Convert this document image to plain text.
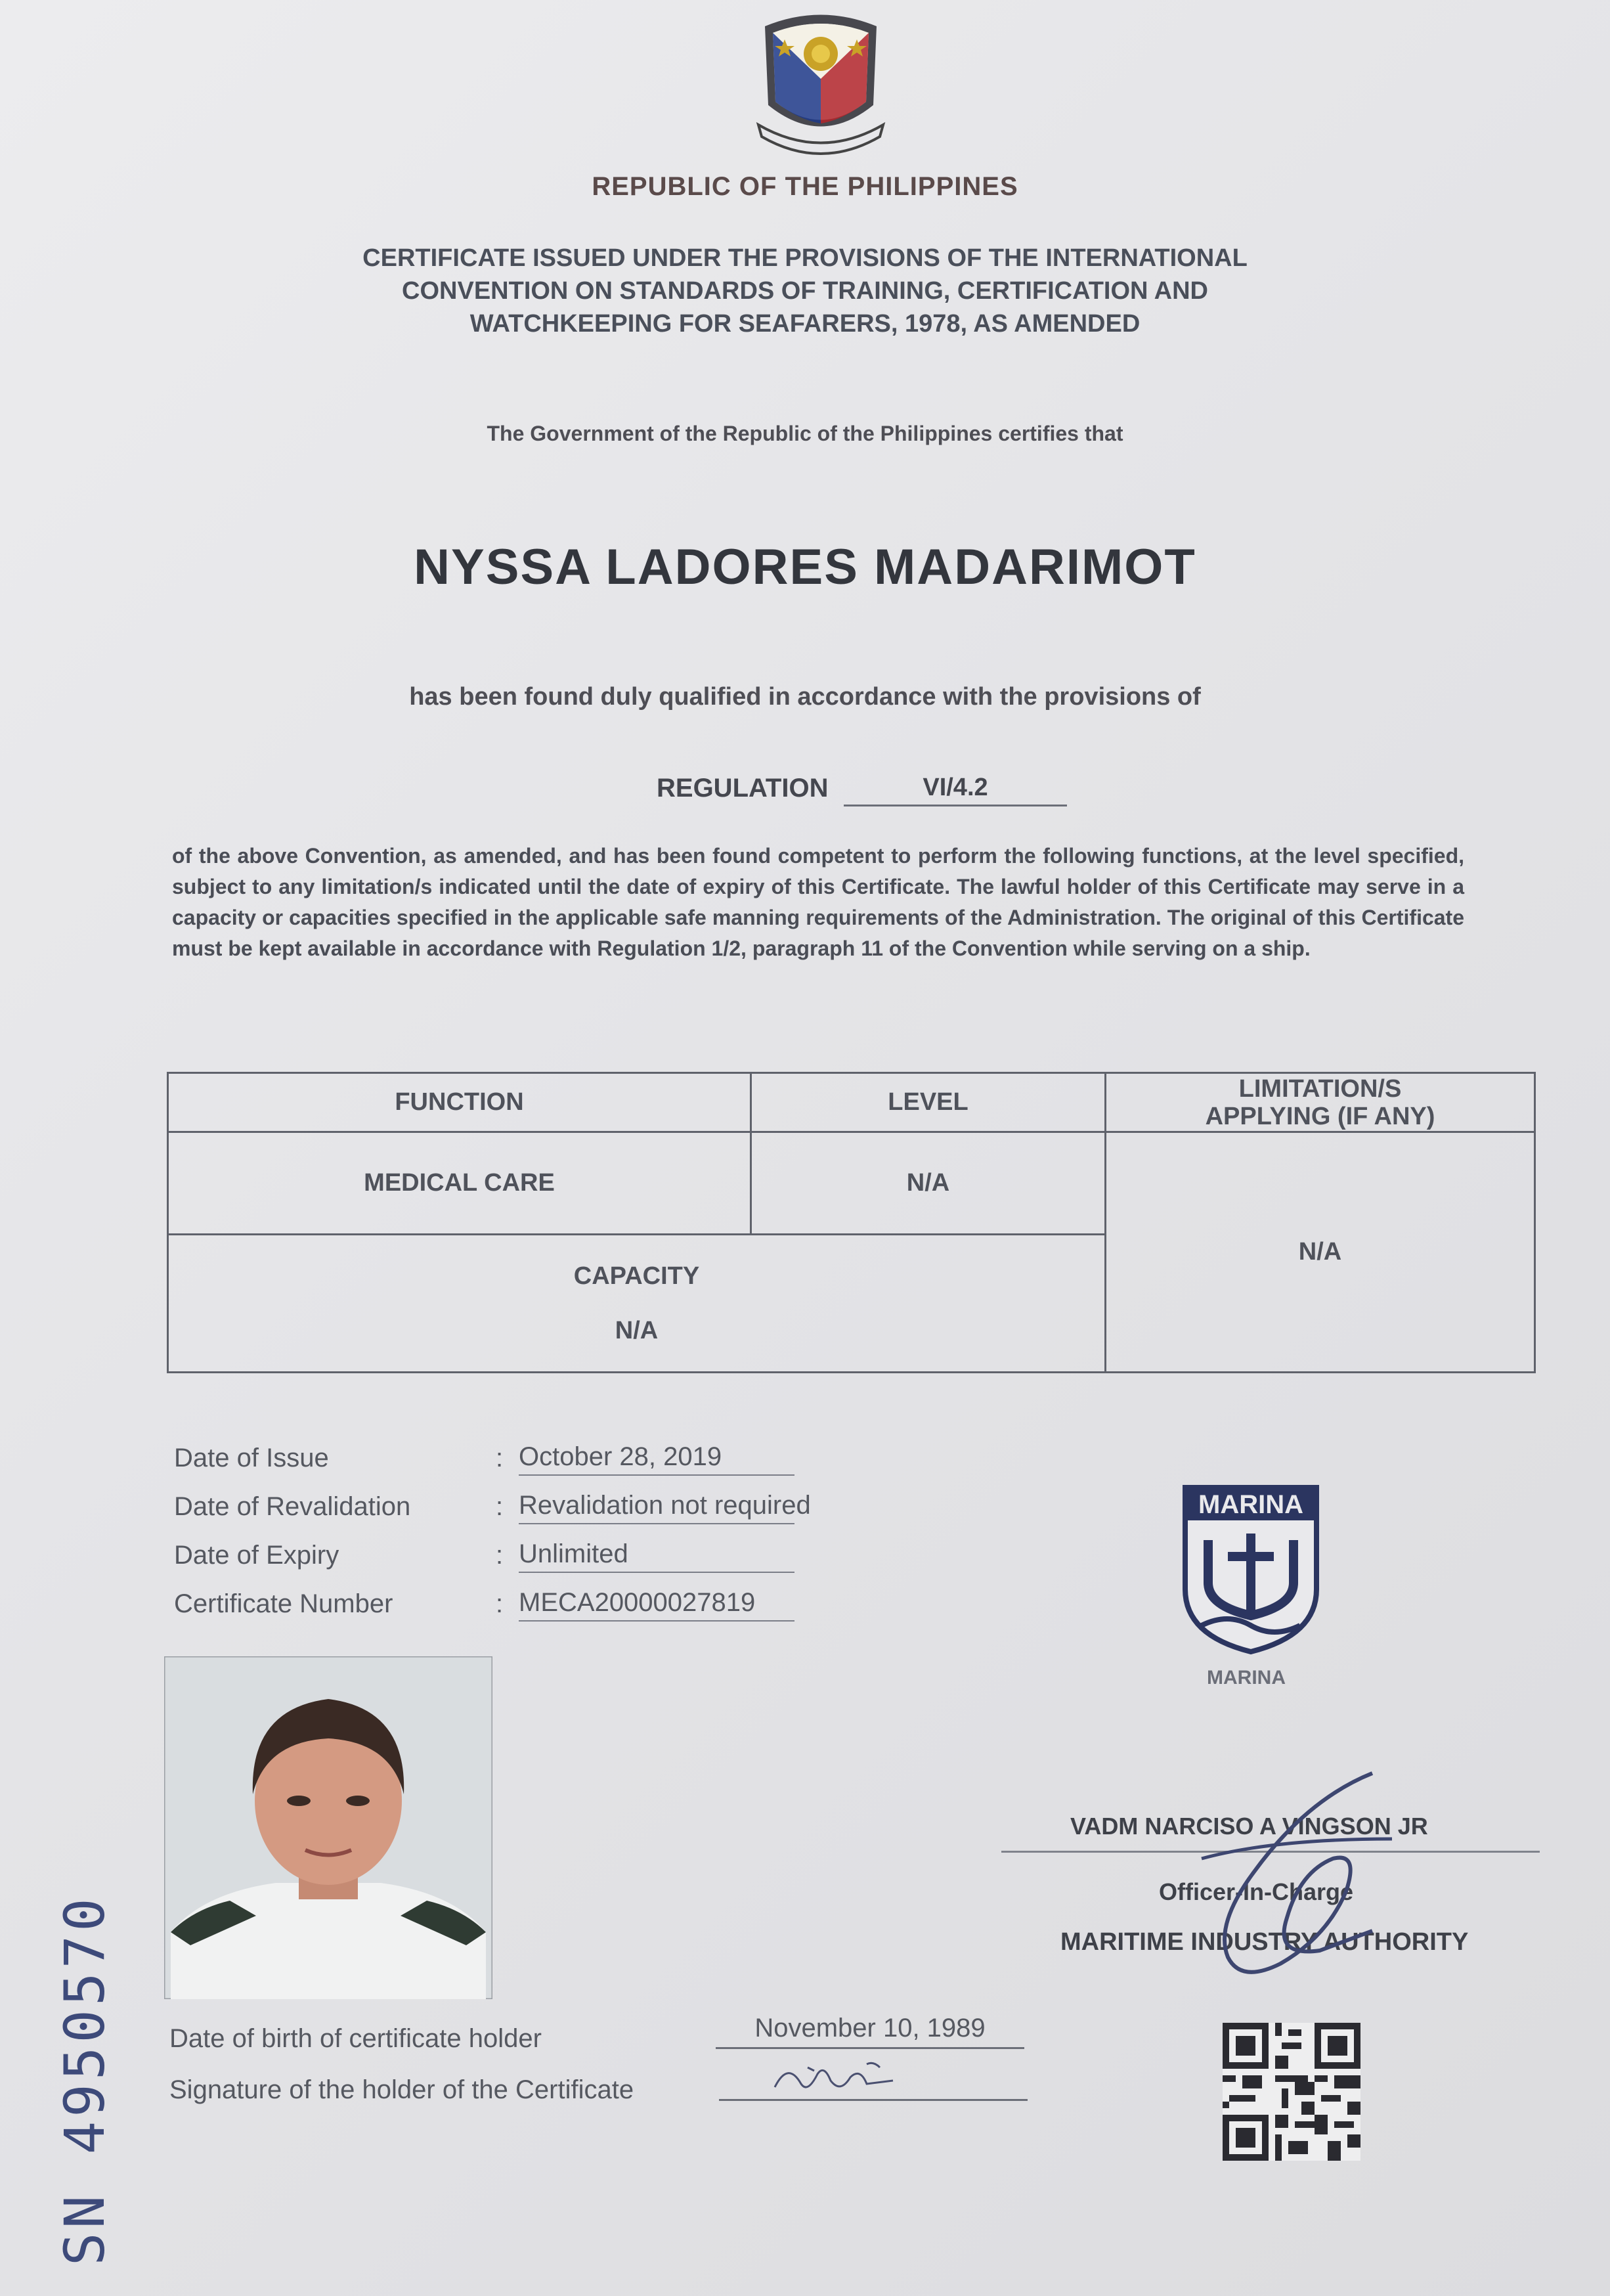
REPUBLIC OF THE PHILIPPINES
CERTIFICATE ISSUED UNDER THE PROVISIONS OF THE INTERNATIONAL
CONVENTION ON STANDARDS OF TRAINING, CERTIFICATION AND
WATCHKEEPING FOR SEAFARERS, 1978, AS AMENDED
The Government of the Republic of the Philippines certifies that
NYSSA LADORES MADARIMOT
has been found duly qualified in accordance with the provisions of
REGULATION	VI/4.2
of the above Convention, as amended, and has been found competent to perform the following functions, at the level specified, subject to any limitation/s indicated until the date of expiry of this Certificate. The lawful holder of this Certificate may serve in a capacity or capacities specified in the applicable safe manning requirements of the Administration. The original of this Certificate must be kept available in accordance with Regulation 1/2, paragraph 11 of the Convention while serving on a ship.
FUNCTION	LEVEL	LIMITATION/S
APPLYING (IF ANY)

MEDICAL CARE	N/A	N/A

CAPACITY
N/A		
Date of Issue	: October 28, 2019
Date of Revalidation	: Revalidation not required
Date of Expiry	: Unlimited
Certificate Number	: MECA20000027819
Date of birth of certificate holder	November 10, 1989
Signature of the holder of the Certificate
MARINA
MARINA
VADM NARCISO A VINGSON JR
Officer-In-Charge
MARITIME INDUSTRY AUTHORITY
SN 4950570
